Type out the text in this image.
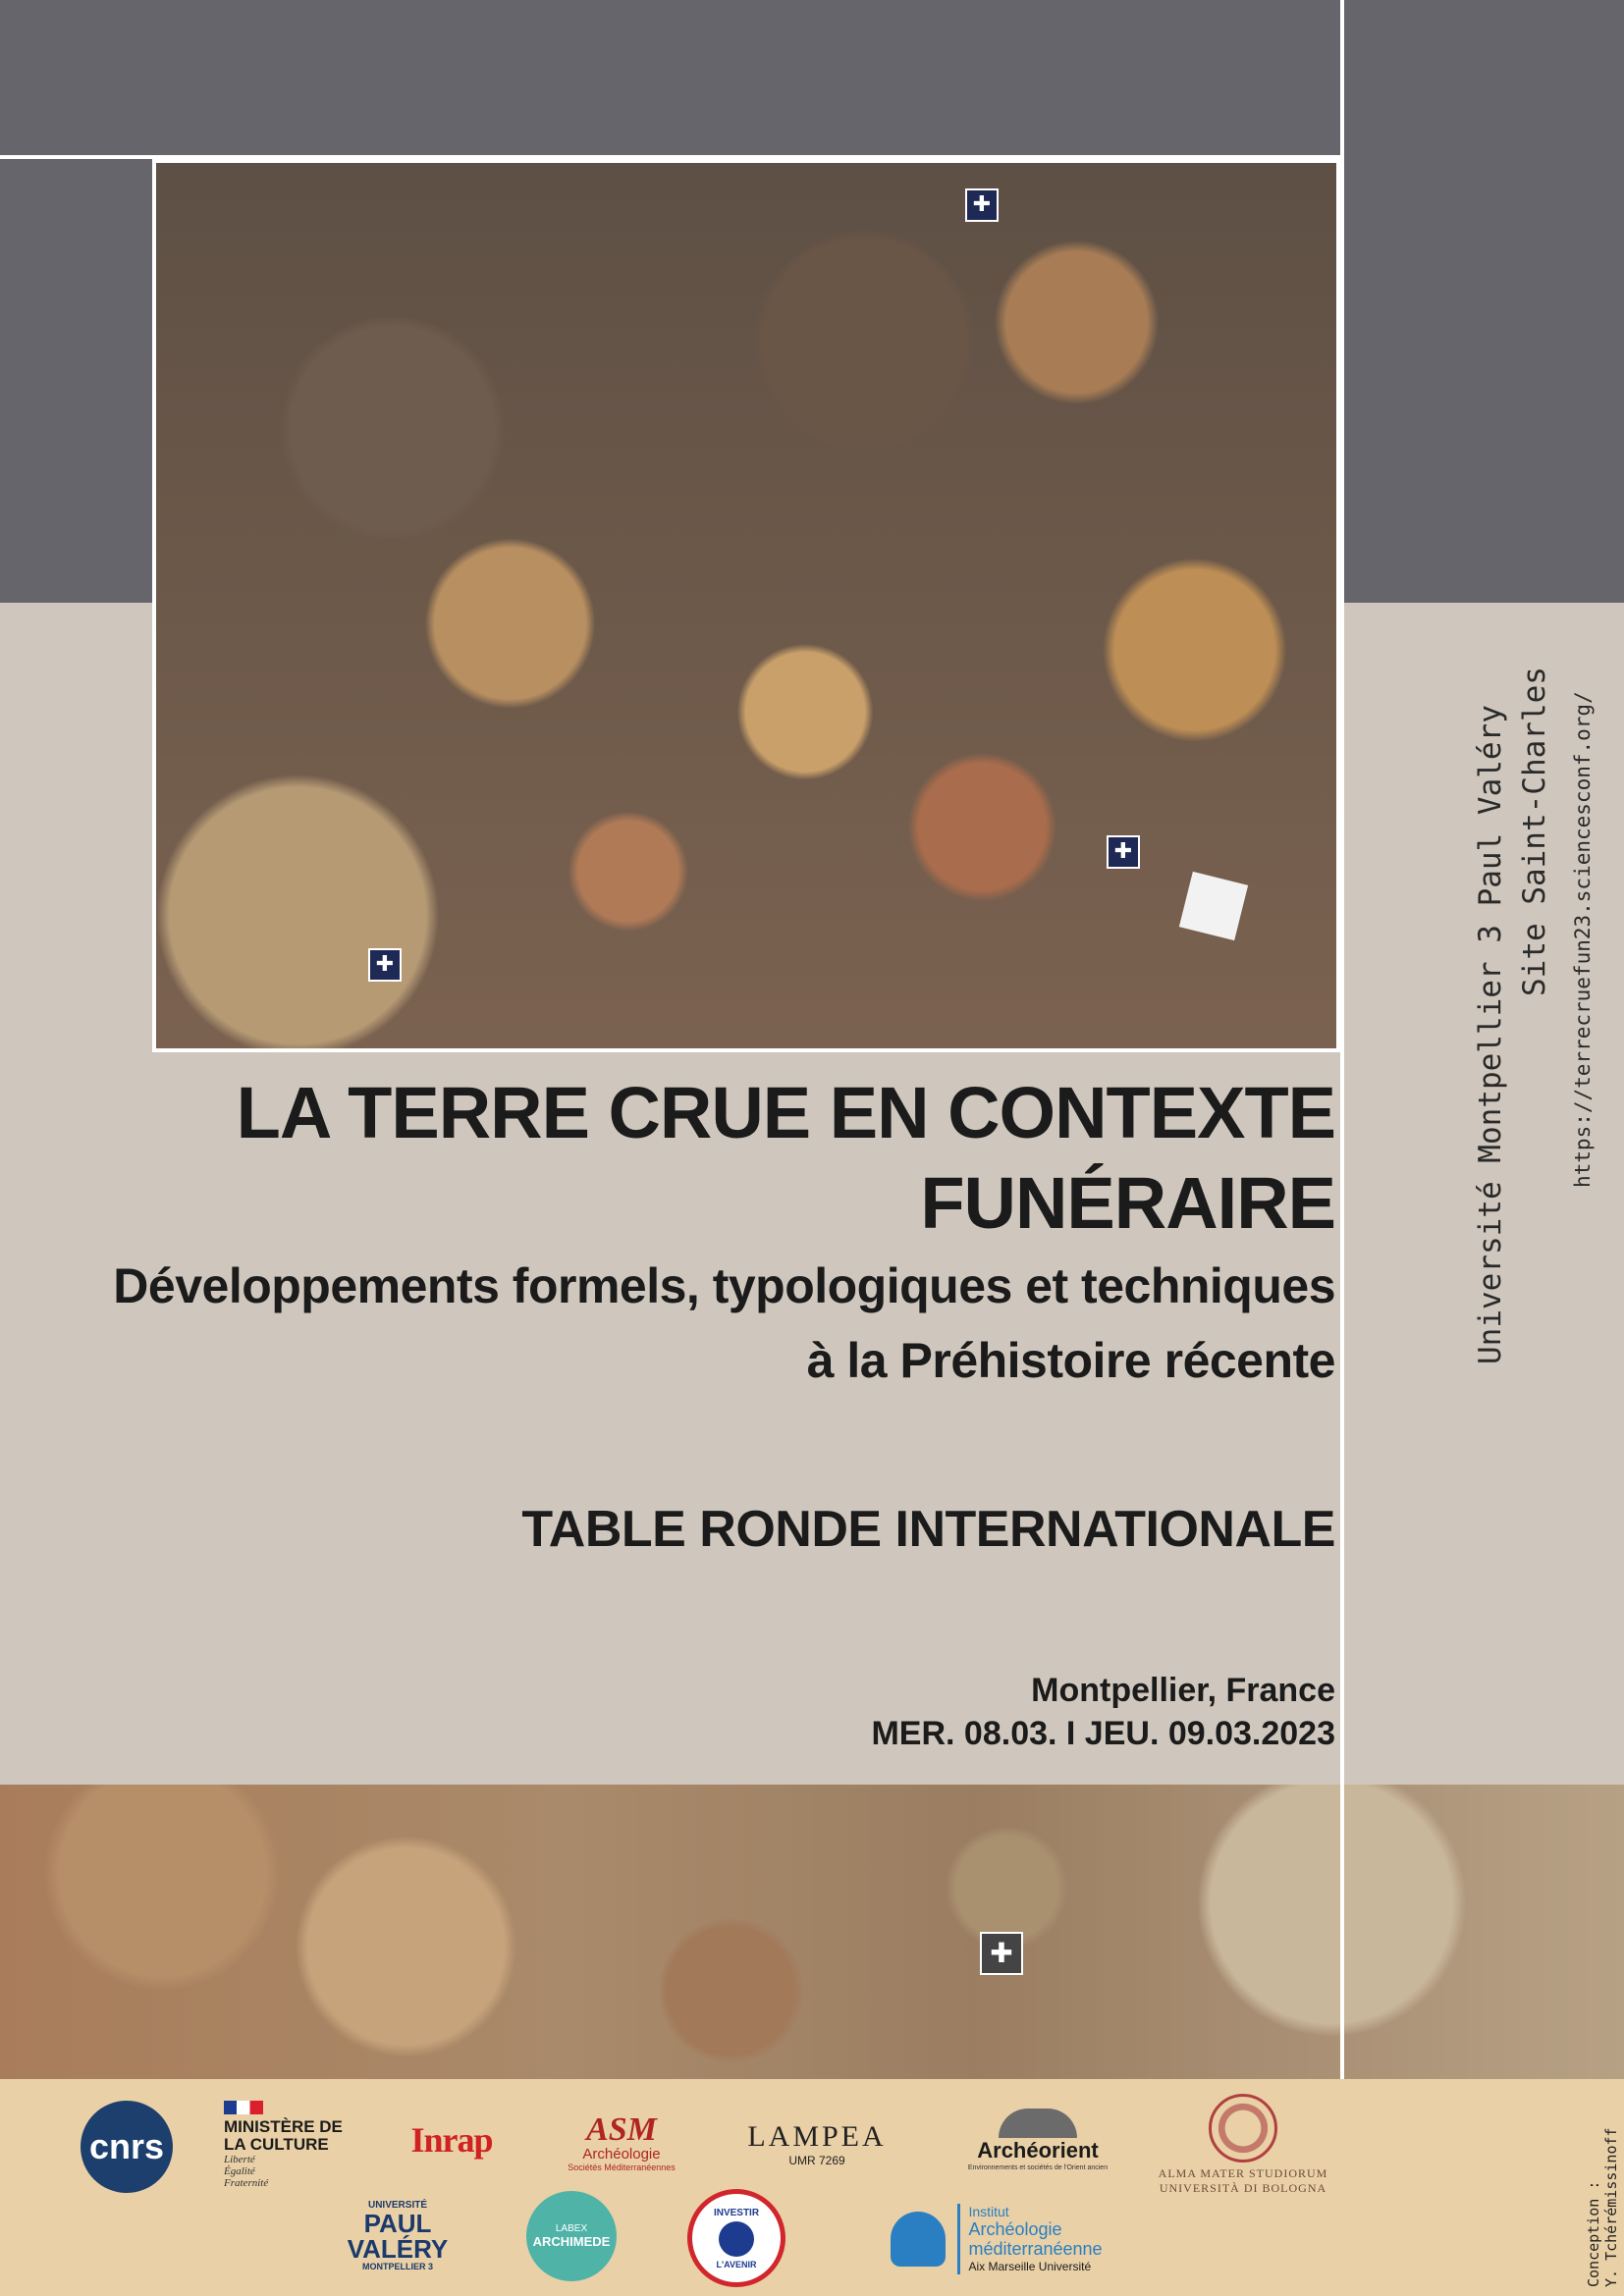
✚
✚
✚

LA TERRE CRUE EN CONTEXTE

FUNÉRAIRE

Développements formels, typologiques et techniques

à la Préhistoire récente

TABLE RONDE INTERNATIONALE
Montpellier, France
MER. 08.03. I JEU. 09.03.2023
Université Montpellier 3 Paul Valéry Site Saint-Charles https://terrecruefun23.sciencesconf.org/
✚
cnrs	MINISTÈRE DE LA CULTURE
Liberté Égalité Fraternité
Inrap	ASM
Archéologie
Sociétés Méditerranéennes
LAMPEA
UMR 7269	Archéorient
Environnements et sociétés de l'Orient ancien	ALMA MATER STUDIORUM
UNIVERSITÀ DI BOLOGNA
UNIVERSITÉ
PAUL VALÉRY
MONTPELLIER 3
LABEX
ARCHIMEDE
INVESTIR
L'AVENIR
Institut
Archéologie
méditerranéenne
Aix Marseille Université	Conception : Y. Tchérémissinoff
